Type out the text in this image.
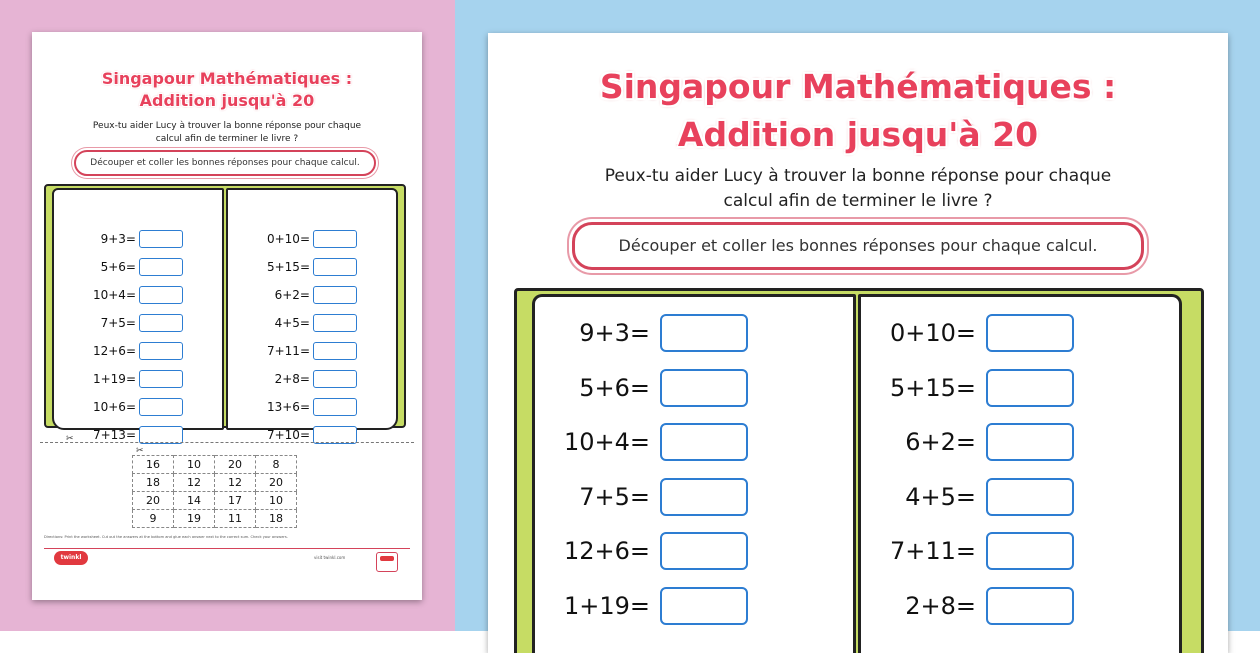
Singapour Mathématiques :
Addition jusqu'à 20
Peux-tu aider Lucy à trouver la bonne réponse pour chaque
calcul afin de terminer le livre ?
Découper et coller les bonnes réponses pour chaque calcul.
9+3=
5+6=
10+4=
7+5=
12+6=
1+19=
10+6=
7+13=
0+10=
5+15=
6+2=
4+5=
7+11=
2+8=
13+6=
7+10=
✂
✂
16	10	20	8
18	12	12	20
20	14	17	10
9	19	11	18
Directions: Print the worksheet. Cut out the answers at the bottom and glue each answer next to the correct sum. Check your answers.
twinkl	visit twinkl.com
Singapour Mathématiques :
Addition jusqu'à 20
Peux-tu aider Lucy à trouver la bonne réponse pour chaque
calcul afin de terminer le livre ?
Découper et coller les bonnes réponses pour chaque calcul.
9+3=
5+6=
10+4=
7+5=
12+6=
1+19=
0+10=
5+15=
6+2=
4+5=
7+11=
2+8=
